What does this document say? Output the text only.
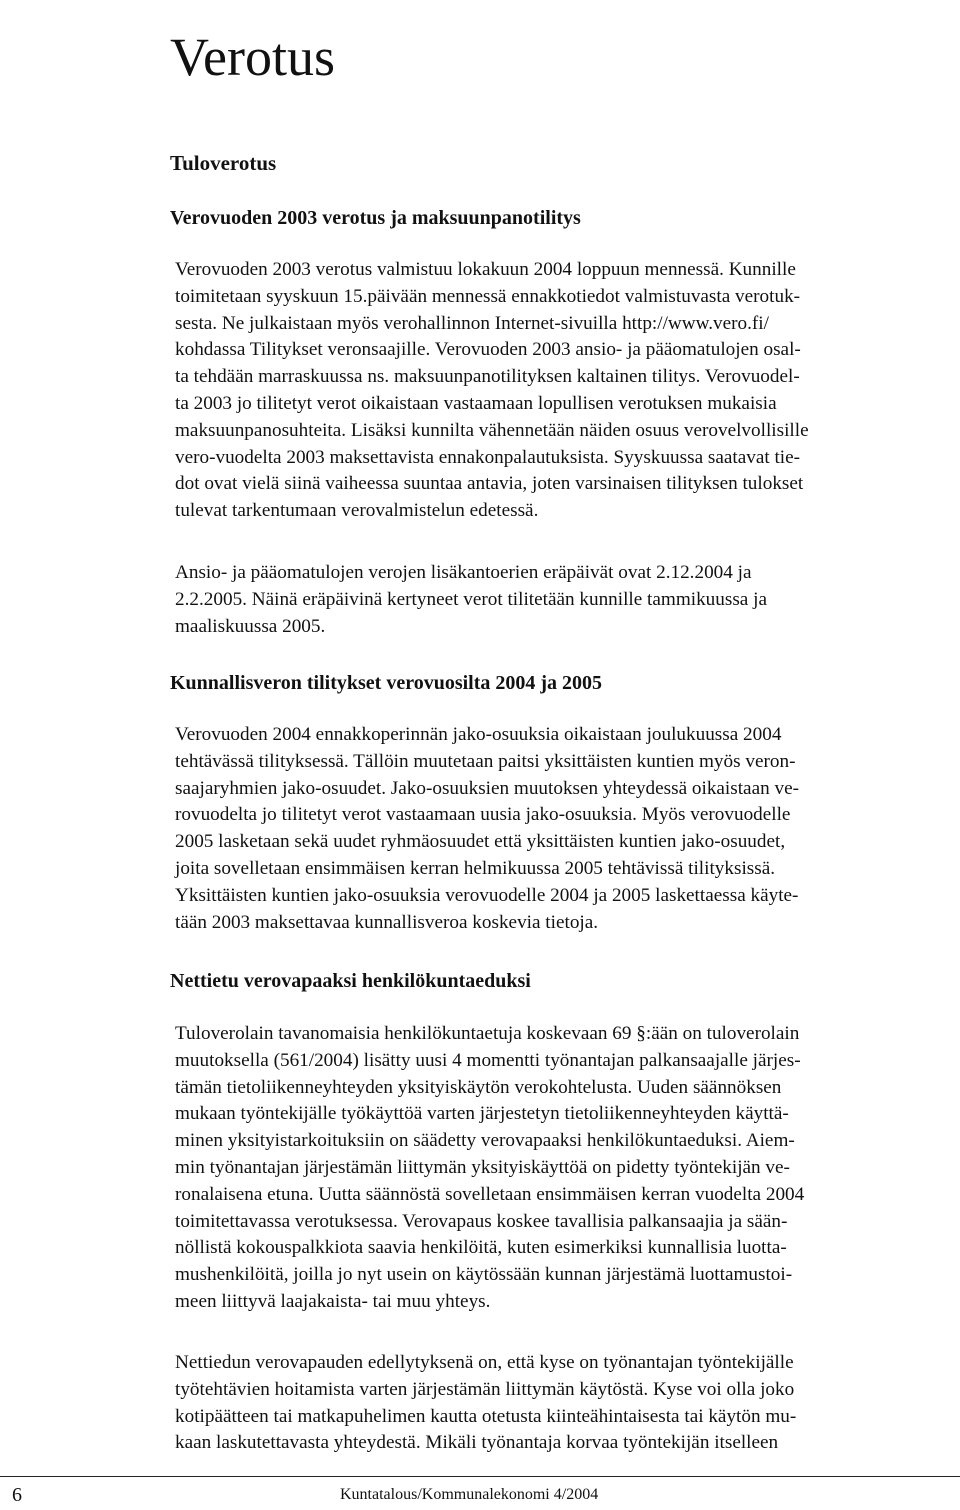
Verotus
Tuloverotus
Verovuoden 2003 verotus ja maksuunpanotilitys
Verovuoden 2003 verotus valmistuu lokakuun 2004 loppuun mennessä. Kunnille
toimitetaan syyskuun 15.päivään mennessä ennakkotiedot valmistuvasta verotuk-
sesta. Ne julkaistaan myös verohallinnon Internet-sivuilla http://www.vero.fi/
kohdassa Tilitykset veronsaajille. Verovuoden 2003 ansio- ja pääomatulojen osal-
ta tehdään marraskuussa ns. maksuunpanotilityksen kaltainen tilitys. Verovuodel-
ta 2003 jo tilitetyt verot oikaistaan vastaamaan lopullisen verotuksen mukaisia
maksuunpanosuhteita. Lisäksi kunnilta vähennetään näiden osuus verovelvollisille
vero-vuodelta 2003 maksettavista ennakonpalautuksista. Syyskuussa saatavat tie-
dot ovat vielä siinä vaiheessa suuntaa antavia, joten varsinaisen tilityksen tulokset
tulevat tarkentumaan verovalmistelun edetessä.
Ansio- ja pääomatulojen verojen lisäkantoerien eräpäivät ovat 2.12.2004 ja
2.2.2005. Näinä eräpäivinä kertyneet verot tilitetään kunnille tammikuussa ja
maaliskuussa 2005.
Kunnallisveron tilitykset verovuosilta 2004 ja 2005
Verovuoden 2004 ennakkoperinnän jako-osuuksia oikaistaan joulukuussa 2004
tehtävässä tilityksessä. Tällöin muutetaan paitsi yksittäisten kuntien myös veron-
saajaryhmien jako-osuudet. Jako-osuuksien muutoksen yhteydessä oikaistaan ve-
rovuodelta jo tilitetyt verot vastaamaan uusia jako-osuuksia. Myös verovuodelle
2005 lasketaan sekä uudet ryhmäosuudet että yksittäisten kuntien jako-osuudet,
joita sovelletaan ensimmäisen kerran helmikuussa 2005 tehtävissä tilityksissä.
Yksittäisten kuntien jako-osuuksia verovuodelle 2004 ja 2005 laskettaessa käyte-
tään 2003 maksettavaa kunnallisveroa koskevia tietoja.
Nettietu verovapaaksi henkilökuntaeduksi
Tuloverolain tavanomaisia henkilökuntaetuja koskevaan 69 §:ään on tuloverolain
muutoksella (561/2004) lisätty uusi 4 momentti työnantajan palkansaajalle järjes-
tämän tietoliikenneyhteyden yksityiskäytön verokohtelusta. Uuden säännöksen
mukaan työntekijälle työkäyttöä varten järjestetyn tietoliikenneyhteyden käyttä-
minen yksityistarkoituksiin on säädetty verovapaaksi henkilökuntaeduksi. Aiem-
min työnantajan järjestämän liittymän yksityiskäyttöä on pidetty työntekijän ve-
ronalaisena etuna. Uutta säännöstä sovelletaan ensimmäisen kerran vuodelta 2004
toimitettavassa verotuksessa. Verovapaus koskee tavallisia palkansaajia ja sään-
nöllistä kokouspalkkiota saavia henkilöitä, kuten esimerkiksi kunnallisia luotta-
mushenkilöitä, joilla jo nyt usein on käytössään kunnan järjestämä luottamustoi-
meen liittyvä laajakaista- tai muu yhteys.
Nettiedun verovapauden edellytyksenä on, että kyse on työnantajan työntekijälle
työtehtävien hoitamista varten järjestämän liittymän käytöstä. Kyse voi olla joko
kotipäätteen tai matkapuhelimen kautta otetusta kiinteähintaisesta tai käytön mu-
kaan laskutettavasta yhteydestä. Mikäli työnantaja korvaa työntekijän itselleen
6	Kuntatalous/Kommunalekonomi 4/2004
